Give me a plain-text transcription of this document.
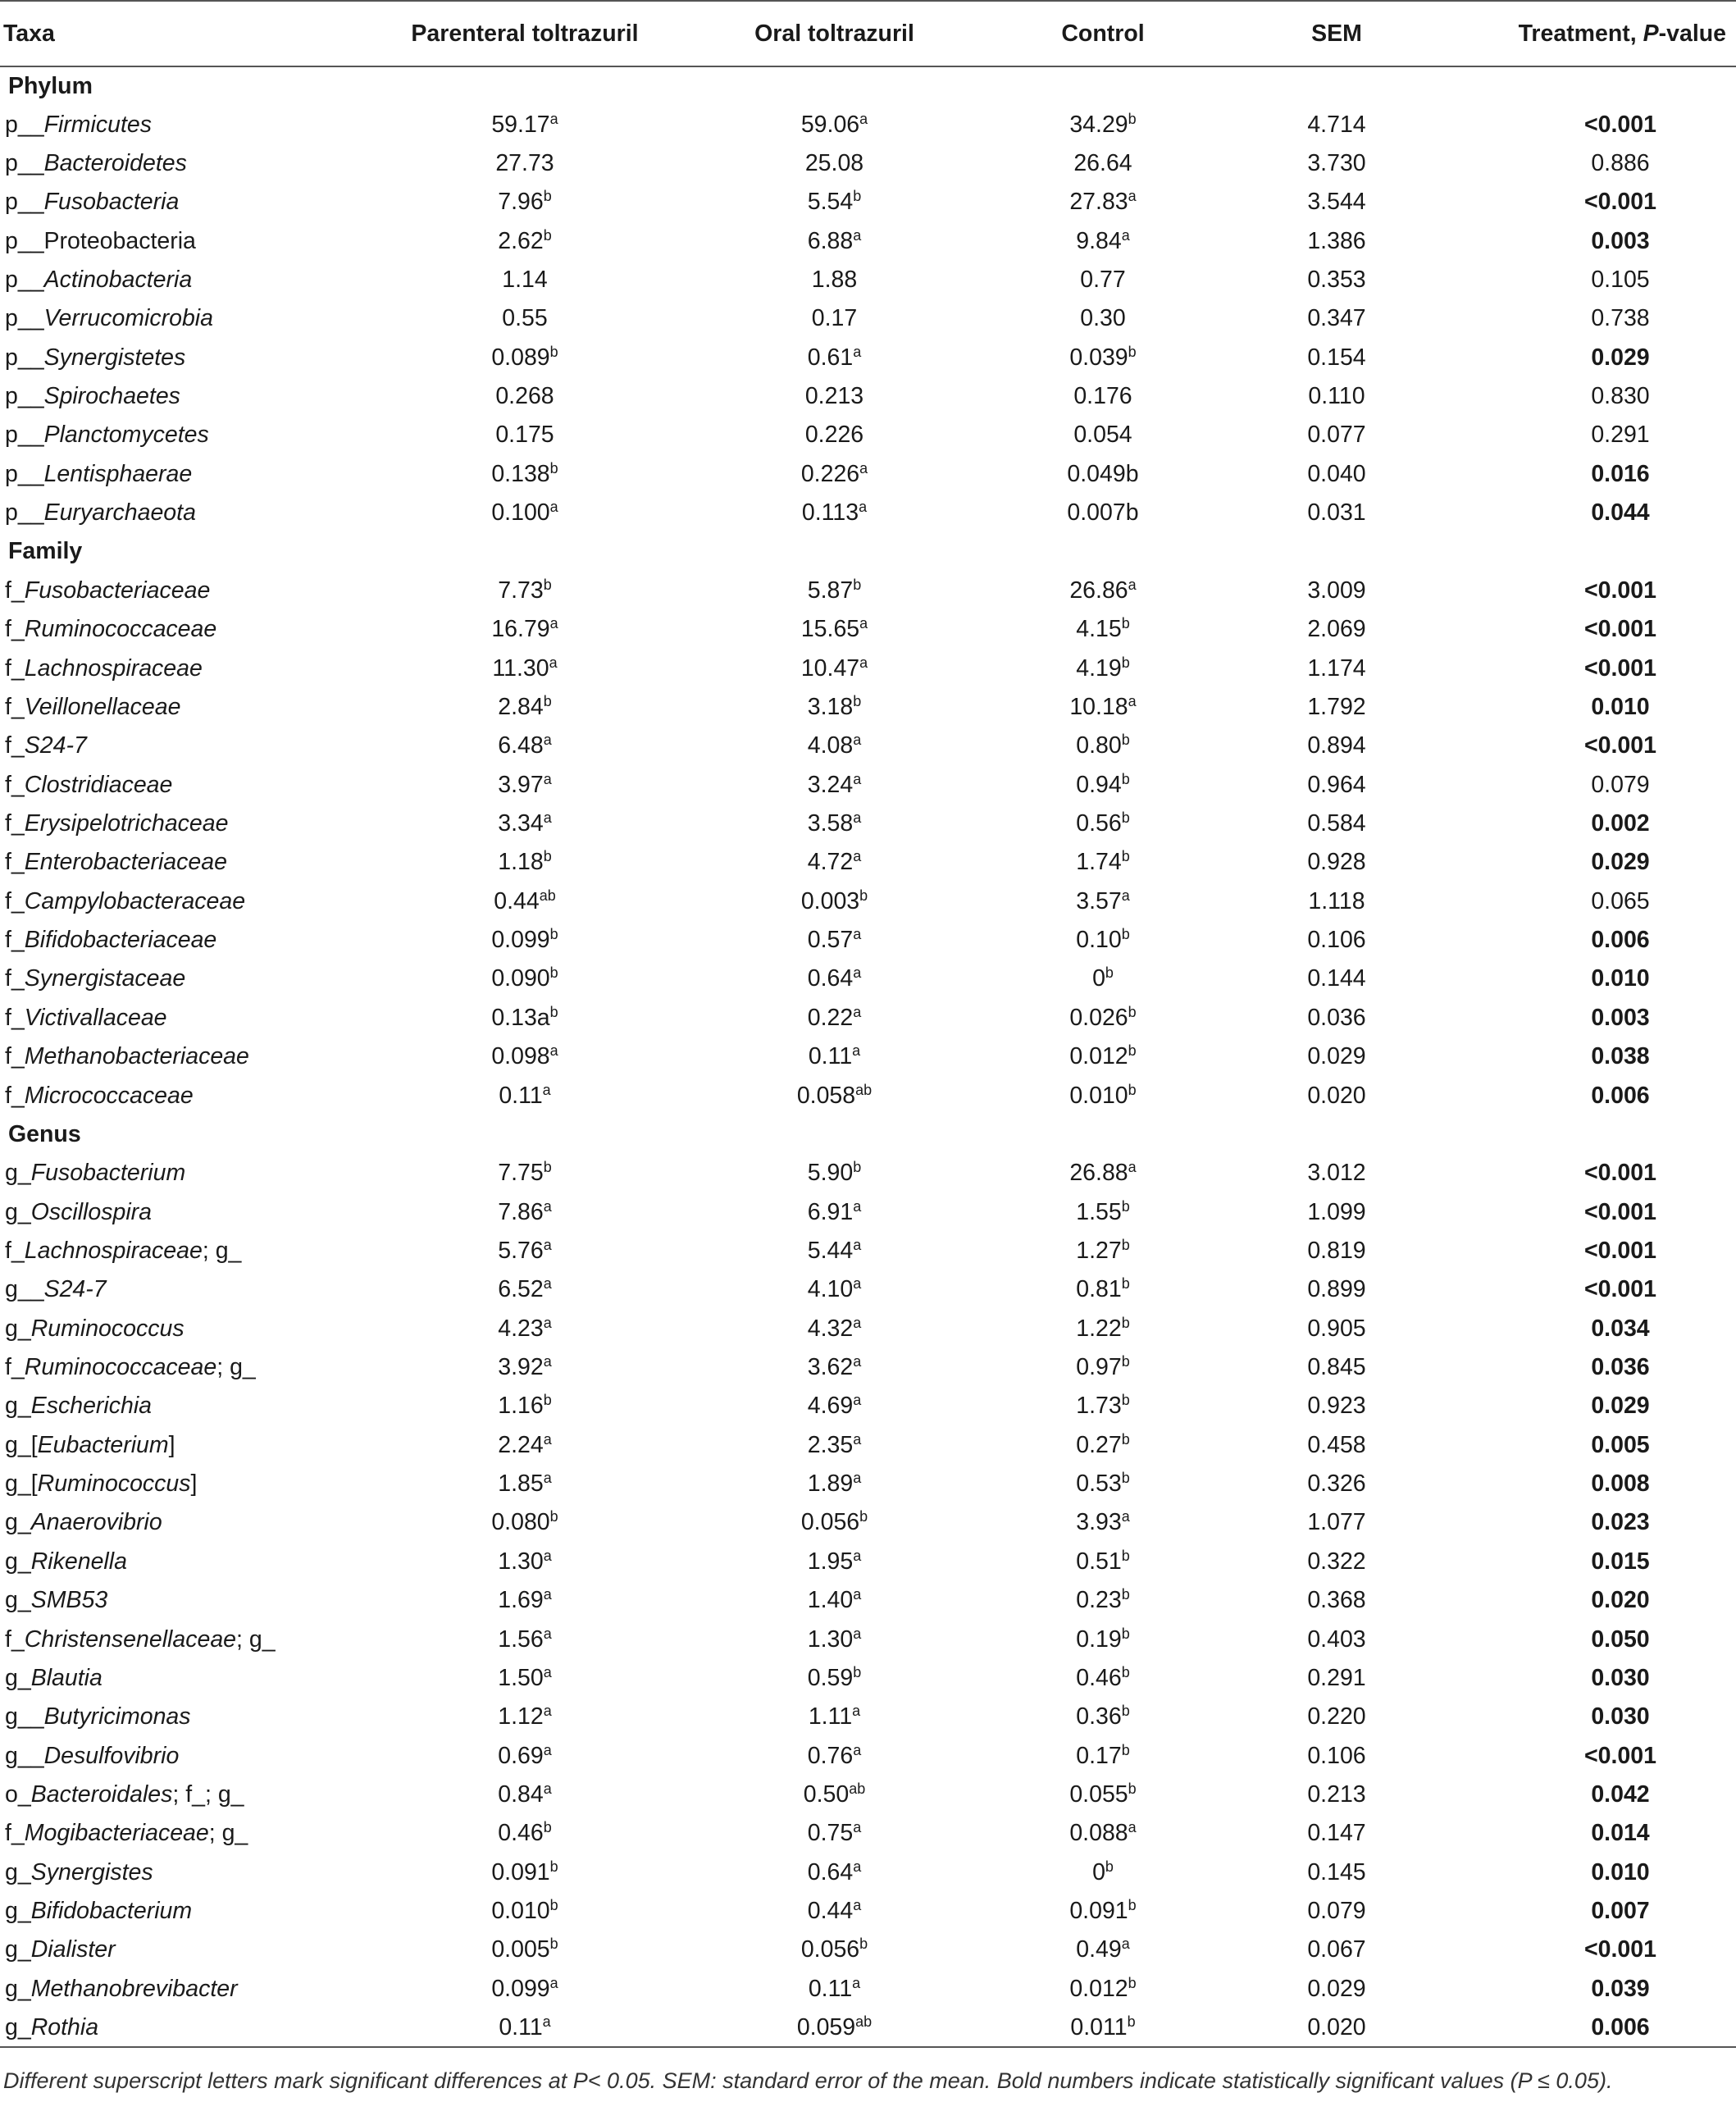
Taxa	Parenteral toltrazuril	Oral toltrazuril	Control	SEM	Treatment, P-value
Phylum					
p__Firmicutes	59.17$^a$	59.06$^a$	34.29$^b$	4.714	<0.001
p__Bacteroidetes	27.73	25.08	26.64	3.730	0.886
p__Fusobacteria	7.96$^b$	5.54$^b$	27.83$^a$	3.544	<0.001
p__Proteobacteria	2.62$^b$	6.88$^a$	9.84$^a$	1.386	0.003
p__Actinobacteria	1.14	1.88	0.77	0.353	0.105
p__Verrucomicrobia	0.55	0.17	0.30	0.347	0.738
p__Synergistetes	0.089$^b$	0.61$^a$	0.039$^b$	0.154	0.029
p__Spirochaetes	0.268	0.213	0.176	0.110	0.830
p__Planctomycetes	0.175	0.226	0.054	0.077	0.291
p__Lentisphaerae	0.138$^b$	0.226$^a$	0.049b	0.040	0.016
p__Euryarchaeota	0.100$^a$	0.113$^a$	0.007b	0.031	0.044
Family					
f_Fusobacteriaceae	7.73$^b$	5.87$^b$	26.86$^a$	3.009	<0.001
f_Ruminococcaceae	16.79$^a$	15.65$^a$	4.15$^b$	2.069	<0.001
f_Lachnospiraceae	11.30$^a$	10.47$^a$	4.19$^b$	1.174	<0.001
f_Veillonellaceae	2.84$^b$	3.18$^b$	10.18$^a$	1.792	0.010
f_S24-7	6.48$^a$	4.08$^a$	0.80$^b$	0.894	<0.001
f_Clostridiaceae	3.97$^a$	3.24$^a$	0.94$^b$	0.964	0.079
f_Erysipelotrichaceae	3.34$^a$	3.58$^a$	0.56$^b$	0.584	0.002
f_Enterobacteriaceae	1.18$^b$	4.72$^a$	1.74$^b$	0.928	0.029
f_Campylobacteraceae	0.44$^{ab}$	0.003$^b$	3.57$^a$	1.118	0.065
f_Bifidobacteriaceae	0.099$^b$	0.57$^a$	0.10$^b$	0.106	0.006
f_Synergistaceae	0.090$^b$	0.64$^a$	0$^b$	0.144	0.010
f_Victivallaceae	$0.13a^b$	0.22$^a$	0.026$^b$	0.036	0.003
f_Methanobacteriaceae	0.098$^a$	0.11$^a$	0.012$^b$	0.029	0.038
f_Micrococcaceae	0.11$^a$	0.058$^{ab}$	0.010$^b$	0.020	0.006
Genus					
g_Fusobacterium	7.75$^b$	5.90$^b$	26.88$^a$	3.012	<0.001
g_Oscillospira	7.86$^a$	6.91$^a$	1.55$^b$	1.099	<0.001
f_Lachnospiraceae; g_	5.76$^a$	5.44$^a$	1.27$^b$	0.819	<0.001
g__S24-7	6.52$^a$	4.10$^a$	0.81$^b$	0.899	<0.001
g_Ruminococcus	4.23$^a$	4.32$^a$	1.22$^b$	0.905	0.034
f_Ruminococcaceae; g_	3.92$^a$	3.62$^a$	0.97$^b$	0.845	0.036
g_Escherichia	1.16$^b$	4.69$^a$	1.73$^b$	0.923	0.029
g_[Eubacterium]	2.24$^a$	2.35$^a$	0.27$^b$	0.458	0.005
g_[Ruminococcus]	1.85$^a$	1.89$^a$	0.53$^b$	0.326	0.008
g_Anaerovibrio	0.080$^b$	0.056$^b$	3.93$^a$	1.077	0.023
g_Rikenella	1.30$^a$	1.95$^a$	0.51$^b$	0.322	0.015
g_SMB53	1.69$^a$	1.40$^a$	0.23$^b$	0.368	0.020
f_Christensenellaceae; g_	1.56$^a$	1.30$^a$	0.19$^b$	0.403	0.050
g_Blautia	1.50$^a$	0.59$^b$	0.46$^b$	0.291	0.030
g__Butyricimonas	1.12$^a$	1.11$^a$	0.36$^b$	0.220	0.030
g__Desulfovibrio	0.69$^a$	0.76$^a$	0.17$^b$	0.106	<0.001
o_Bacteroidales; f_; g_	0.84$^a$	0.50$^{ab}$	0.055$^b$	0.213	0.042
f_Mogibacteriaceae; g_	0.46$^b$	0.75$^a$	0.088$^a$	0.147	0.014
g_Synergistes	0.091$^b$	0.64$^a$	0$^b$	0.145	0.010
g_Bifidobacterium	0.010$^b$	0.44$^a$	0.091$^b$	0.079	0.007
g_Dialister	0.005$^b$	0.056$^b$	0.49$^a$	0.067	<0.001
g_Methanobrevibacter	0.099$^a$	0.11$^a$	0.012$^b$	0.029	0.039
g_Rothia	0.11$^a$	0.059$^{ab}$	0.011$^b$	0.020	0.006
Different superscript letters mark significant differences at P< 0.05. SEM: standard error of the mean. Bold numbers indicate statistically significant values (P ≤ 0.05).
